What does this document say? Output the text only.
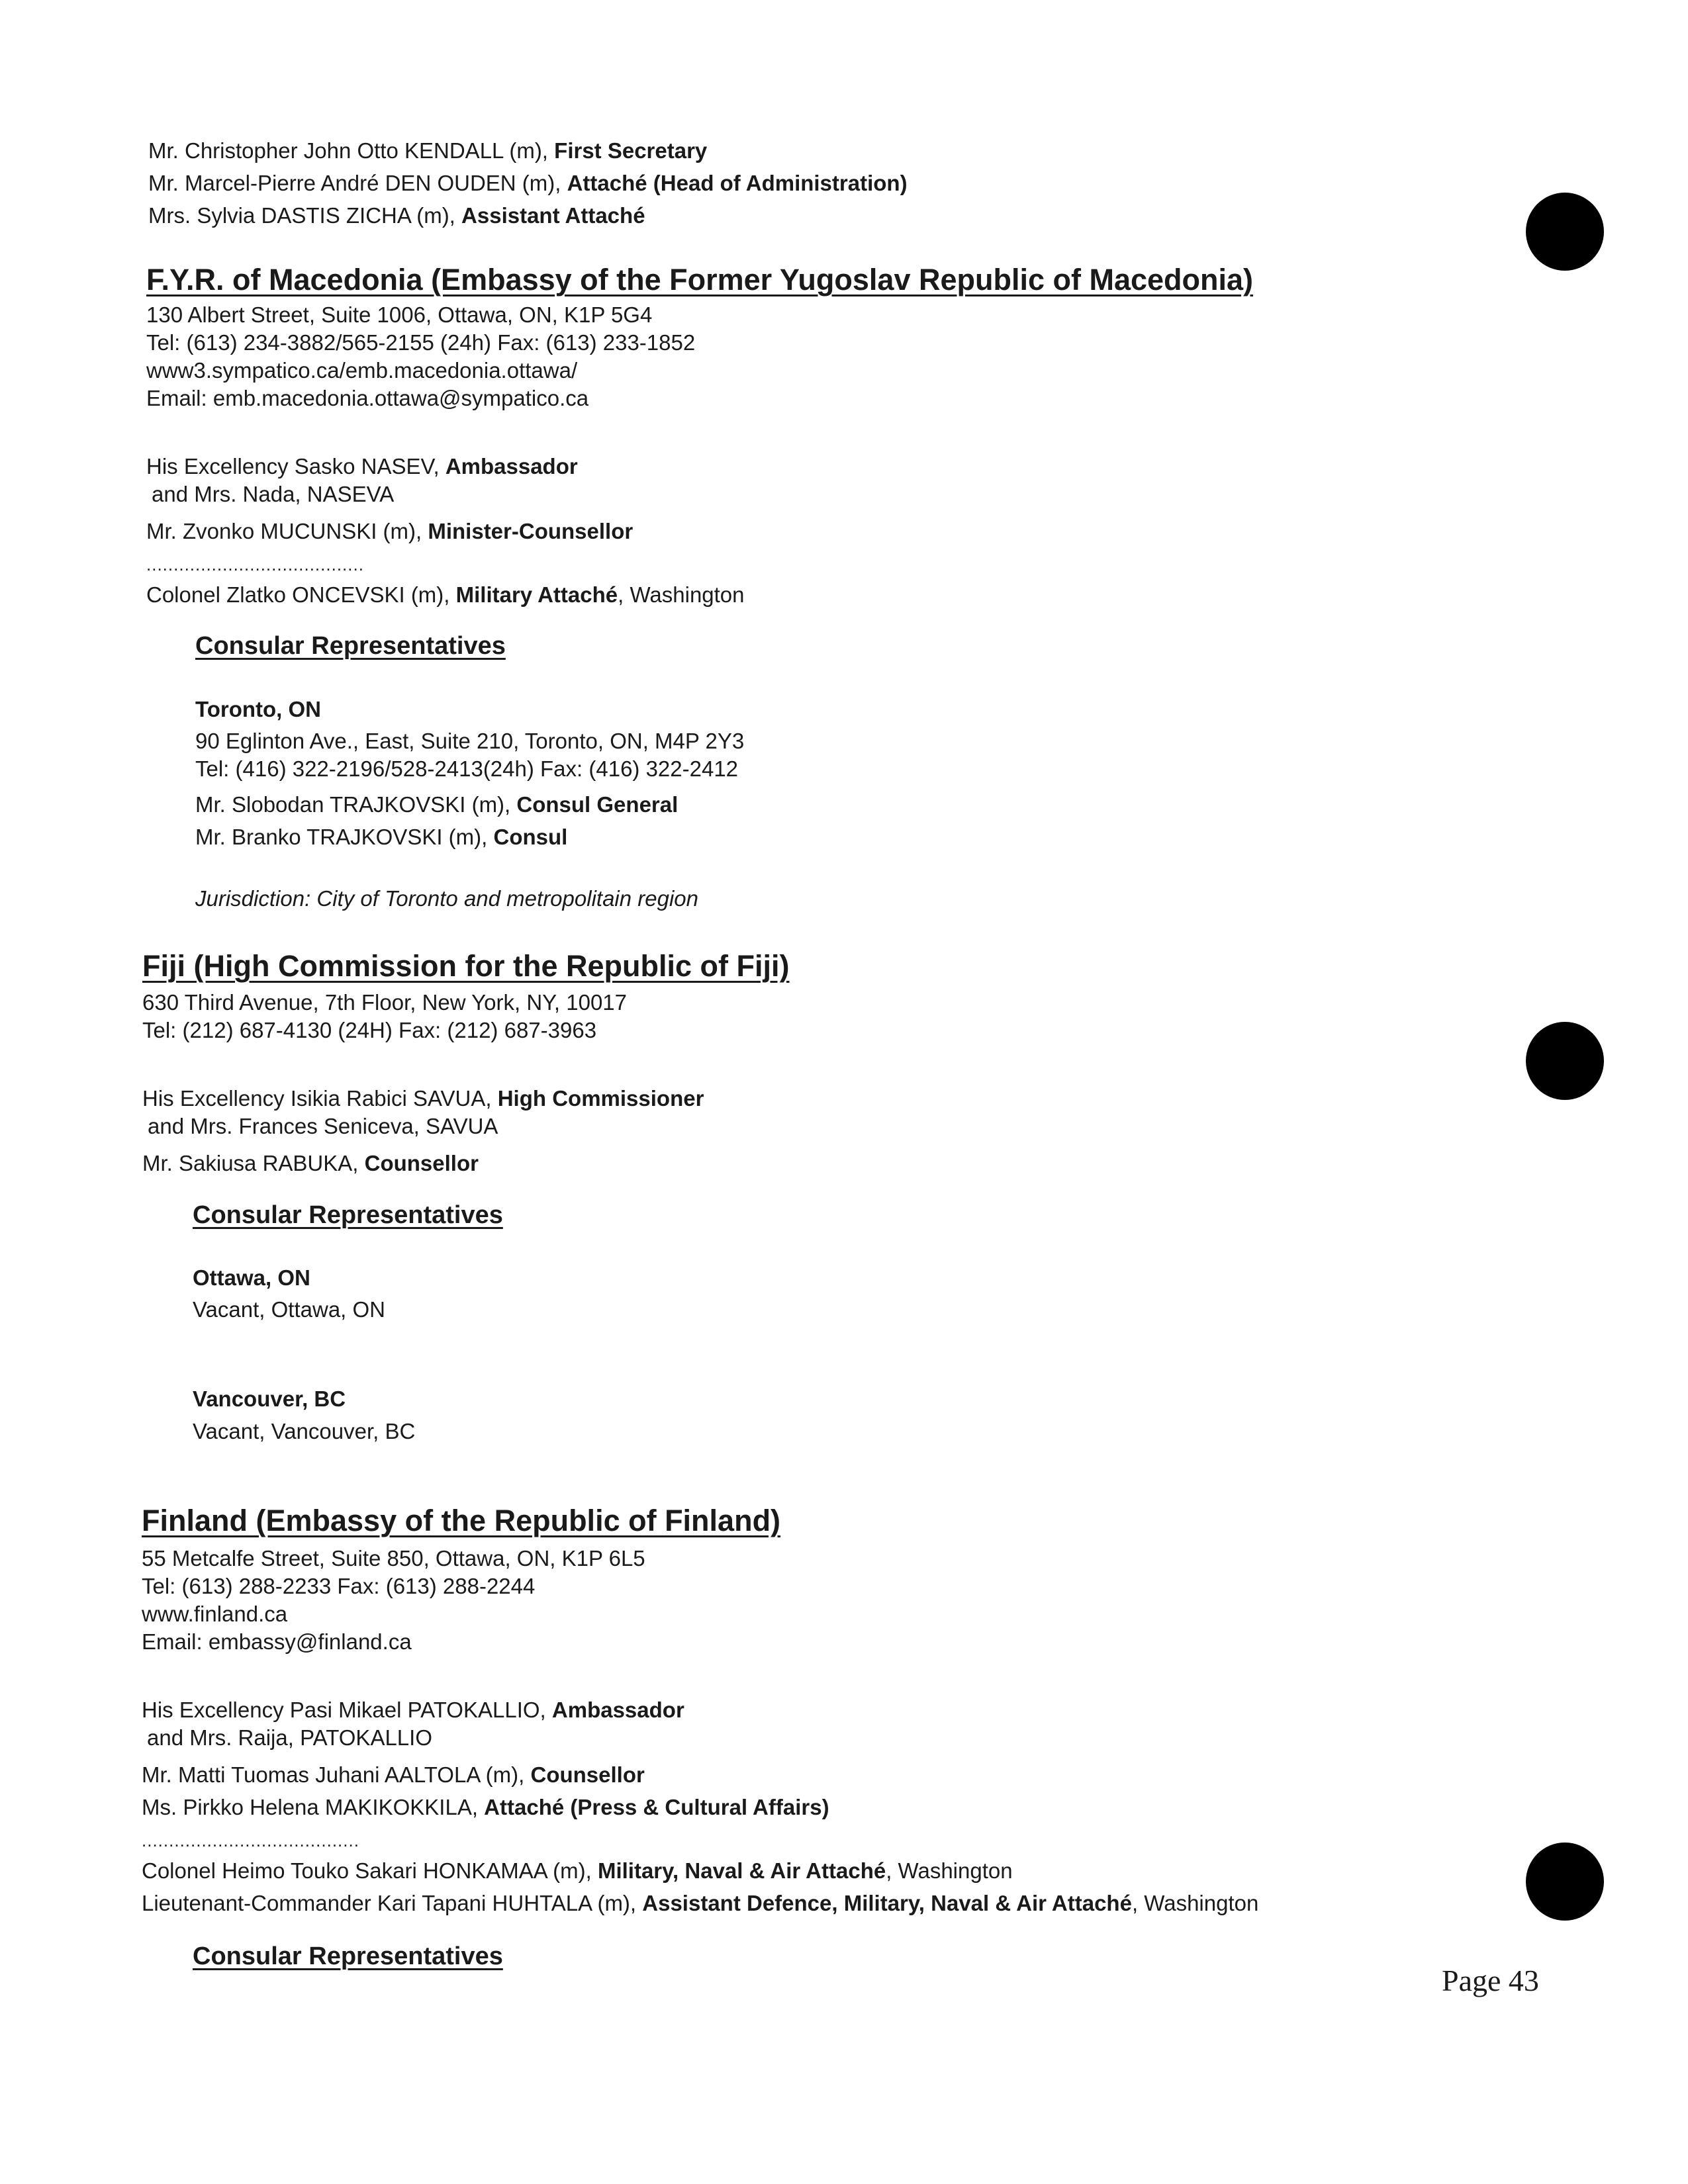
Mr. Christopher John Otto KENDALL (m), First Secretary
Mr. Marcel-Pierre André DEN OUDEN (m), Attaché (Head of Administration)
Mrs. Sylvia DASTIS ZICHA (m), Assistant Attaché
F.Y.R. of Macedonia (Embassy of the Former Yugoslav Republic of Macedonia)
130 Albert Street, Suite 1006, Ottawa, ON, K1P 5G4
Tel: (613) 234-3882/565-2155 (24h) Fax: (613) 233-1852
www3.sympatico.ca/emb.macedonia.ottawa/
Email: emb.macedonia.ottawa@sympatico.ca
His Excellency Sasko NASEV, Ambassador
and Mrs. Nada, NASEVA
Mr. Zvonko MUCUNSKI (m), Minister-Counsellor
........................................
Colonel Zlatko ONCEVSKI (m), Military Attaché, Washington
Consular Representatives
Toronto, ON
90 Eglinton Ave., East, Suite 210, Toronto, ON, M4P 2Y3
Tel: (416) 322-2196/528-2413(24h) Fax: (416) 322-2412
Mr. Slobodan TRAJKOVSKI (m), Consul General
Mr. Branko TRAJKOVSKI (m), Consul
Jurisdiction: City of Toronto and metropolitain region
Fiji (High Commission for the Republic of Fiji)
630 Third Avenue, 7th Floor, New York, NY, 10017
Tel: (212) 687-4130 (24H) Fax: (212) 687-3963
His Excellency Isikia Rabici SAVUA, High Commissioner
and Mrs. Frances Seniceva, SAVUA
Mr. Sakiusa RABUKA, Counsellor
Consular Representatives
Ottawa, ON
Vacant, Ottawa, ON
Vancouver, BC
Vacant, Vancouver, BC
Finland (Embassy of the Republic of Finland)
55 Metcalfe Street, Suite 850, Ottawa, ON, K1P 6L5
Tel: (613) 288-2233 Fax: (613) 288-2244
www.finland.ca
Email: embassy@finland.ca
His Excellency Pasi Mikael PATOKALLIO, Ambassador
and Mrs. Raija, PATOKALLIO
Mr. Matti Tuomas Juhani AALTOLA (m), Counsellor
Ms. Pirkko Helena MAKIKOKKILA, Attaché (Press & Cultural Affairs)
........................................
Colonel Heimo Touko Sakari HONKAMAA (m), Military, Naval & Air Attaché, Washington
Lieutenant-Commander Kari Tapani HUHTALA (m), Assistant Defence, Military, Naval & Air Attaché, Washington
Consular Representatives
Page 43
